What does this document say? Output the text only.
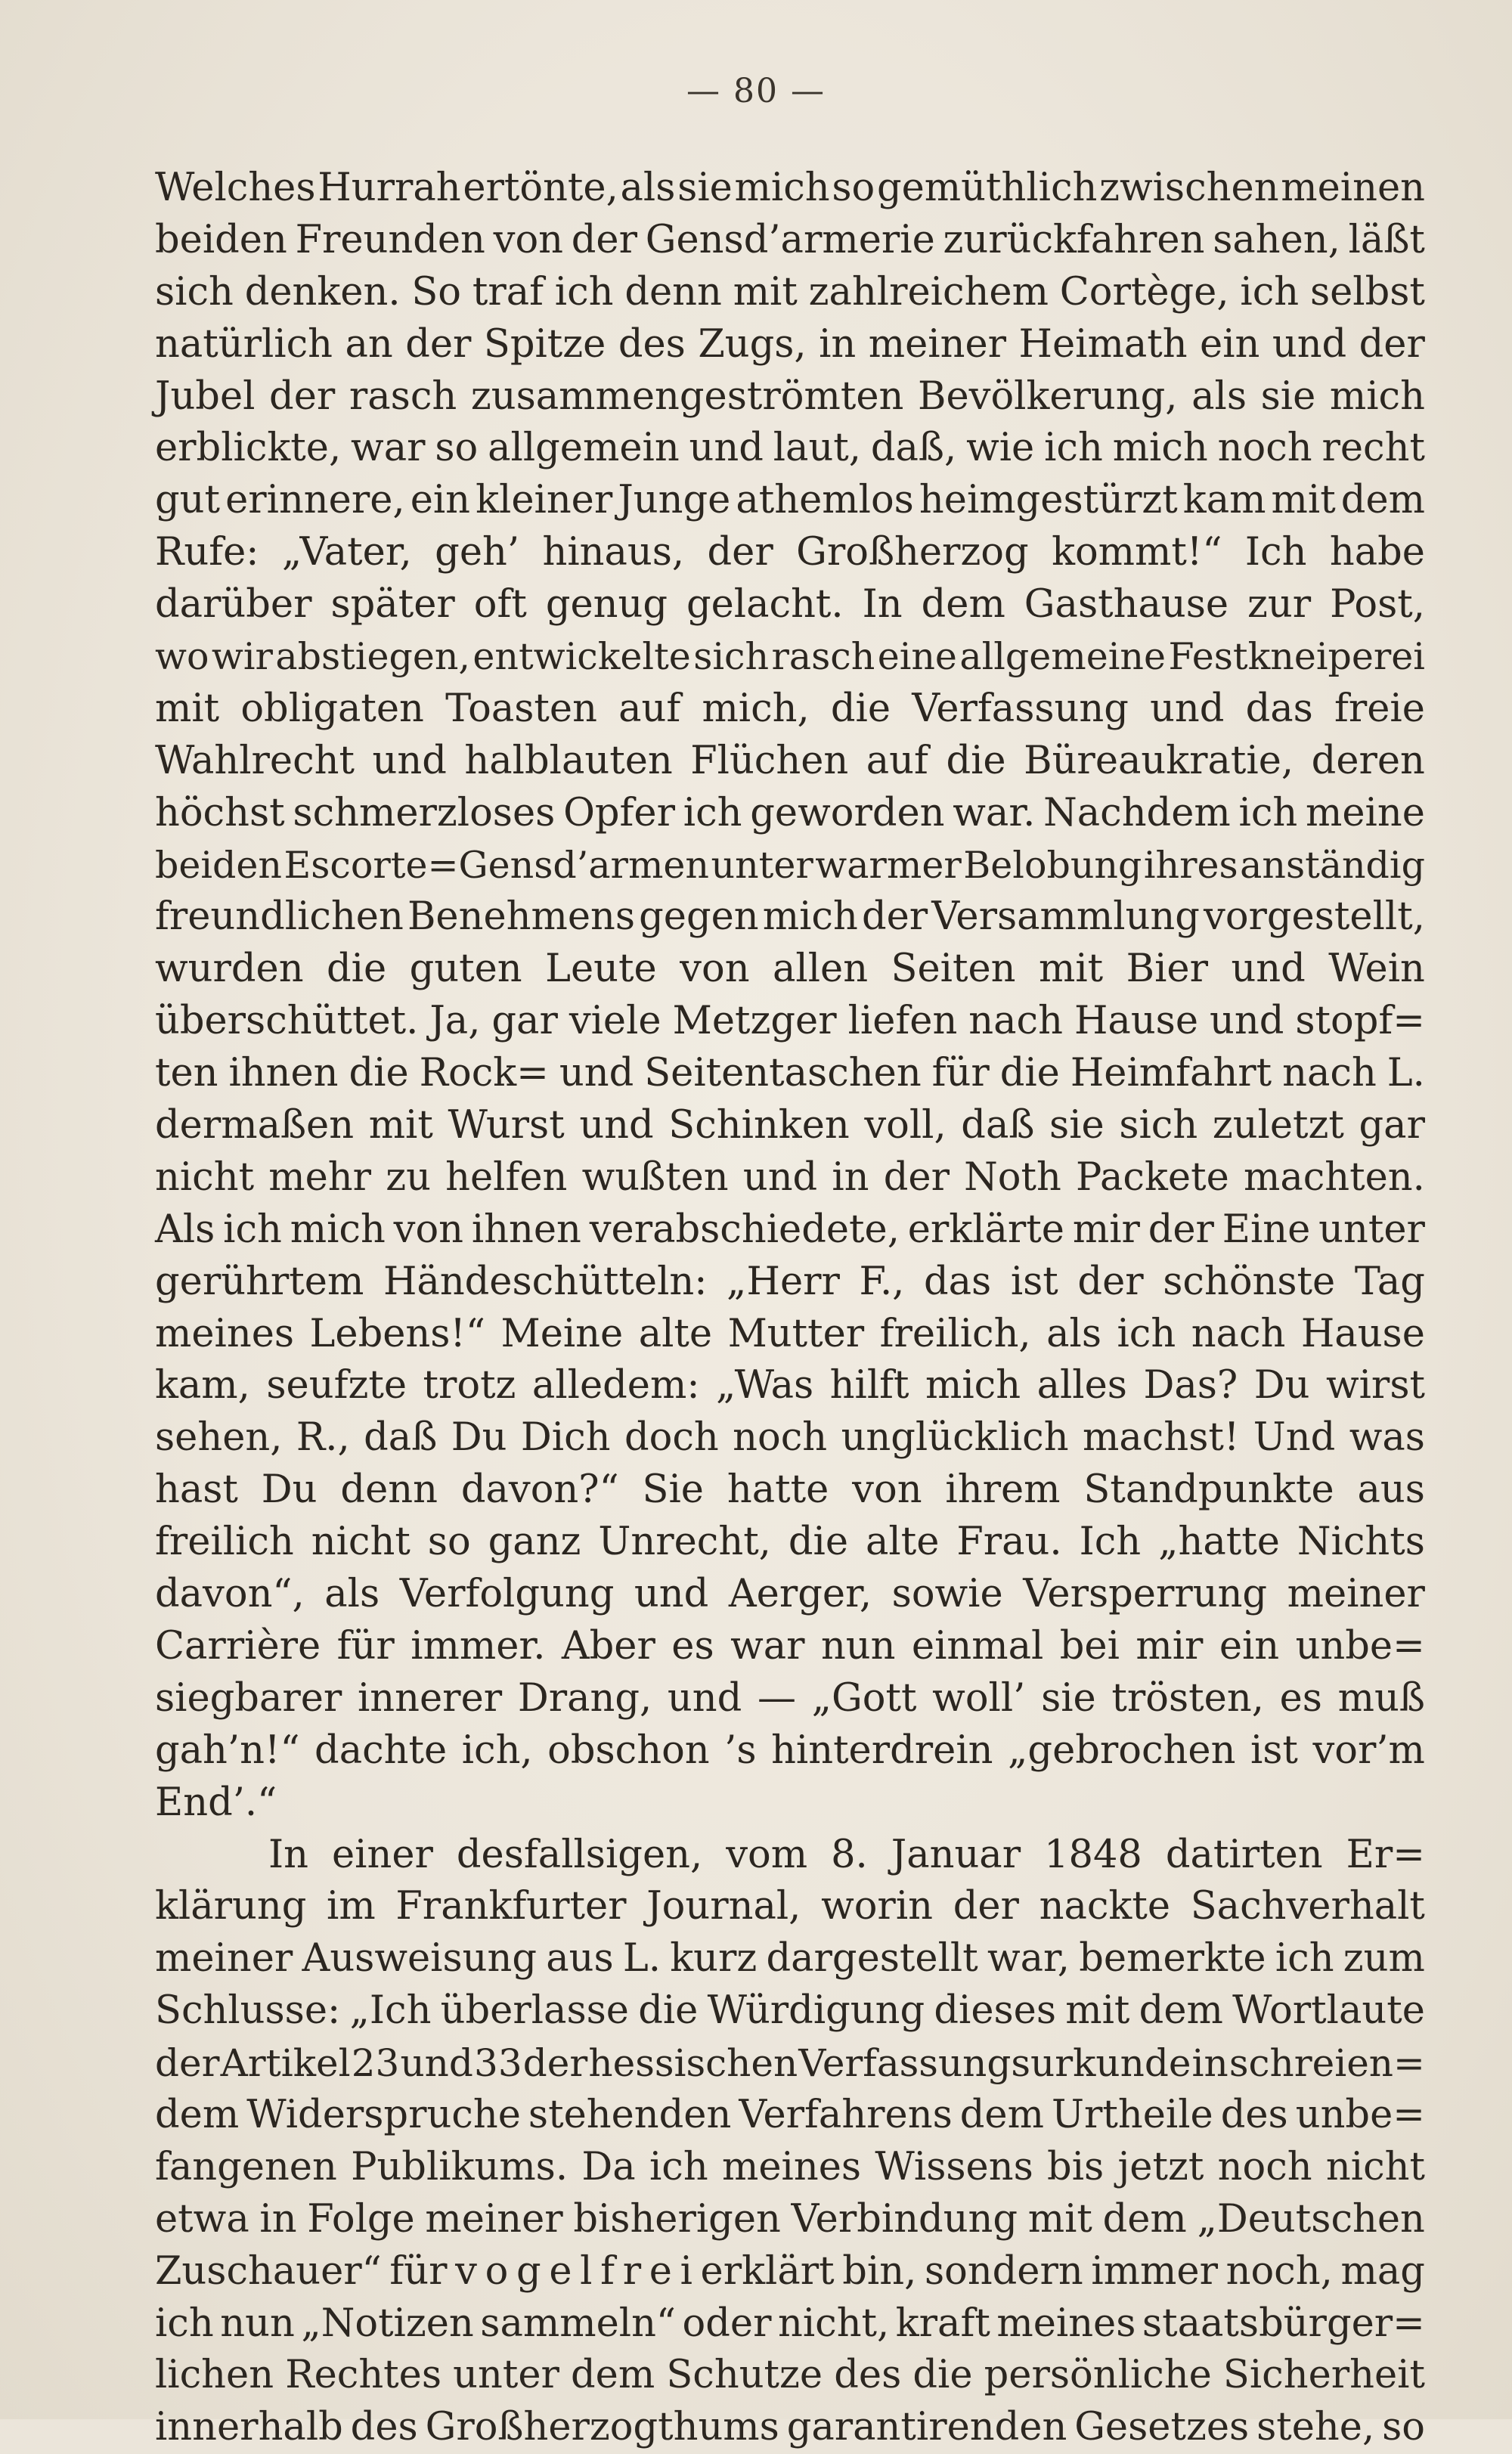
— 80 —
Welches Hurrah ertönte, als sie mich so gemüthlich zwischen meinen
beiden Freunden von der Gensd’armerie zurückfahren sahen, läßt
sich denken. So traf ich denn mit zahlreichem Cortège, ich selbst
natürlich an der Spitze des Zugs, in meiner Heimath ein und der
Jubel der rasch zusammengeströmten Bevölkerung, als sie mich
erblickte, war so allgemein und laut, daß, wie ich mich noch recht
gut erinnere, ein kleiner Junge athemlos heimgestürzt kam mit dem
Rufe: „Vater, geh’ hinaus, der Großherzog kommt!“ Ich habe
darüber später oft genug gelacht. In dem Gasthause zur Post,
wo wir abstiegen, entwickelte sich rasch eine allgemeine Festkneiperei
mit obligaten Toasten auf mich, die Verfassung und das freie
Wahlrecht und halblauten Flüchen auf die Büreaukratie, deren
höchst schmerzloses Opfer ich geworden war. Nachdem ich meine
beiden Escorte=Gensd’armen unter warmer Belobung ihres anständig
freundlichen Benehmens gegen mich der Versammlung vorgestellt,
wurden die guten Leute von allen Seiten mit Bier und Wein
überschüttet. Ja, gar viele Metzger liefen nach Hause und stopf=
ten ihnen die Rock= und Seitentaschen für die Heimfahrt nach L.
dermaßen mit Wurst und Schinken voll, daß sie sich zuletzt gar
nicht mehr zu helfen wußten und in der Noth Packete machten.
Als ich mich von ihnen verabschiedete, erklärte mir der Eine unter
gerührtem Händeschütteln: „Herr F., das ist der schönste Tag
meines Lebens!“ Meine alte Mutter freilich, als ich nach Hause
kam, seufzte trotz alledem: „Was hilft mich alles Das? Du wirst
sehen, R., daß Du Dich doch noch unglücklich machst! Und was
hast Du denn davon?“ Sie hatte von ihrem Standpunkte aus
freilich nicht so ganz Unrecht, die alte Frau. Ich „hatte Nichts
davon“, als Verfolgung und Aerger, sowie Versperrung meiner
Carrière für immer. Aber es war nun einmal bei mir ein unbe=
siegbarer innerer Drang, und — „Gott woll’ sie trösten, es muß
gah’n!“ dachte ich, obschon ’s hinterdrein „gebrochen ist vor’m
End’.“
In einer desfallsigen, vom 8. Januar 1848 datirten Er=
klärung im Frankfurter Journal, worin der nackte Sachverhalt
meiner Ausweisung aus L. kurz dargestellt war, bemerkte ich zum
Schlusse: „Ich überlasse die Würdigung dieses mit dem Wortlaute
der Artikel 23 und 33 der hessischen Verfassungsurkunde in schreien=
dem Widerspruche stehenden Verfahrens dem Urtheile des unbe=
fangenen Publikums. Da ich meines Wissens bis jetzt noch nicht
etwa in Folge meiner bisherigen Verbindung mit dem „Deutschen
Zuschauer“ für v o g e l f r e i erklärt bin, sondern immer noch, mag
ich nun „Notizen sammeln“ oder nicht, kraft meines staatsbürger=
lichen Rechtes unter dem Schutze des die persönliche Sicherheit
innerhalb des Großherzogthums garantirenden Gesetzes stehe, so
